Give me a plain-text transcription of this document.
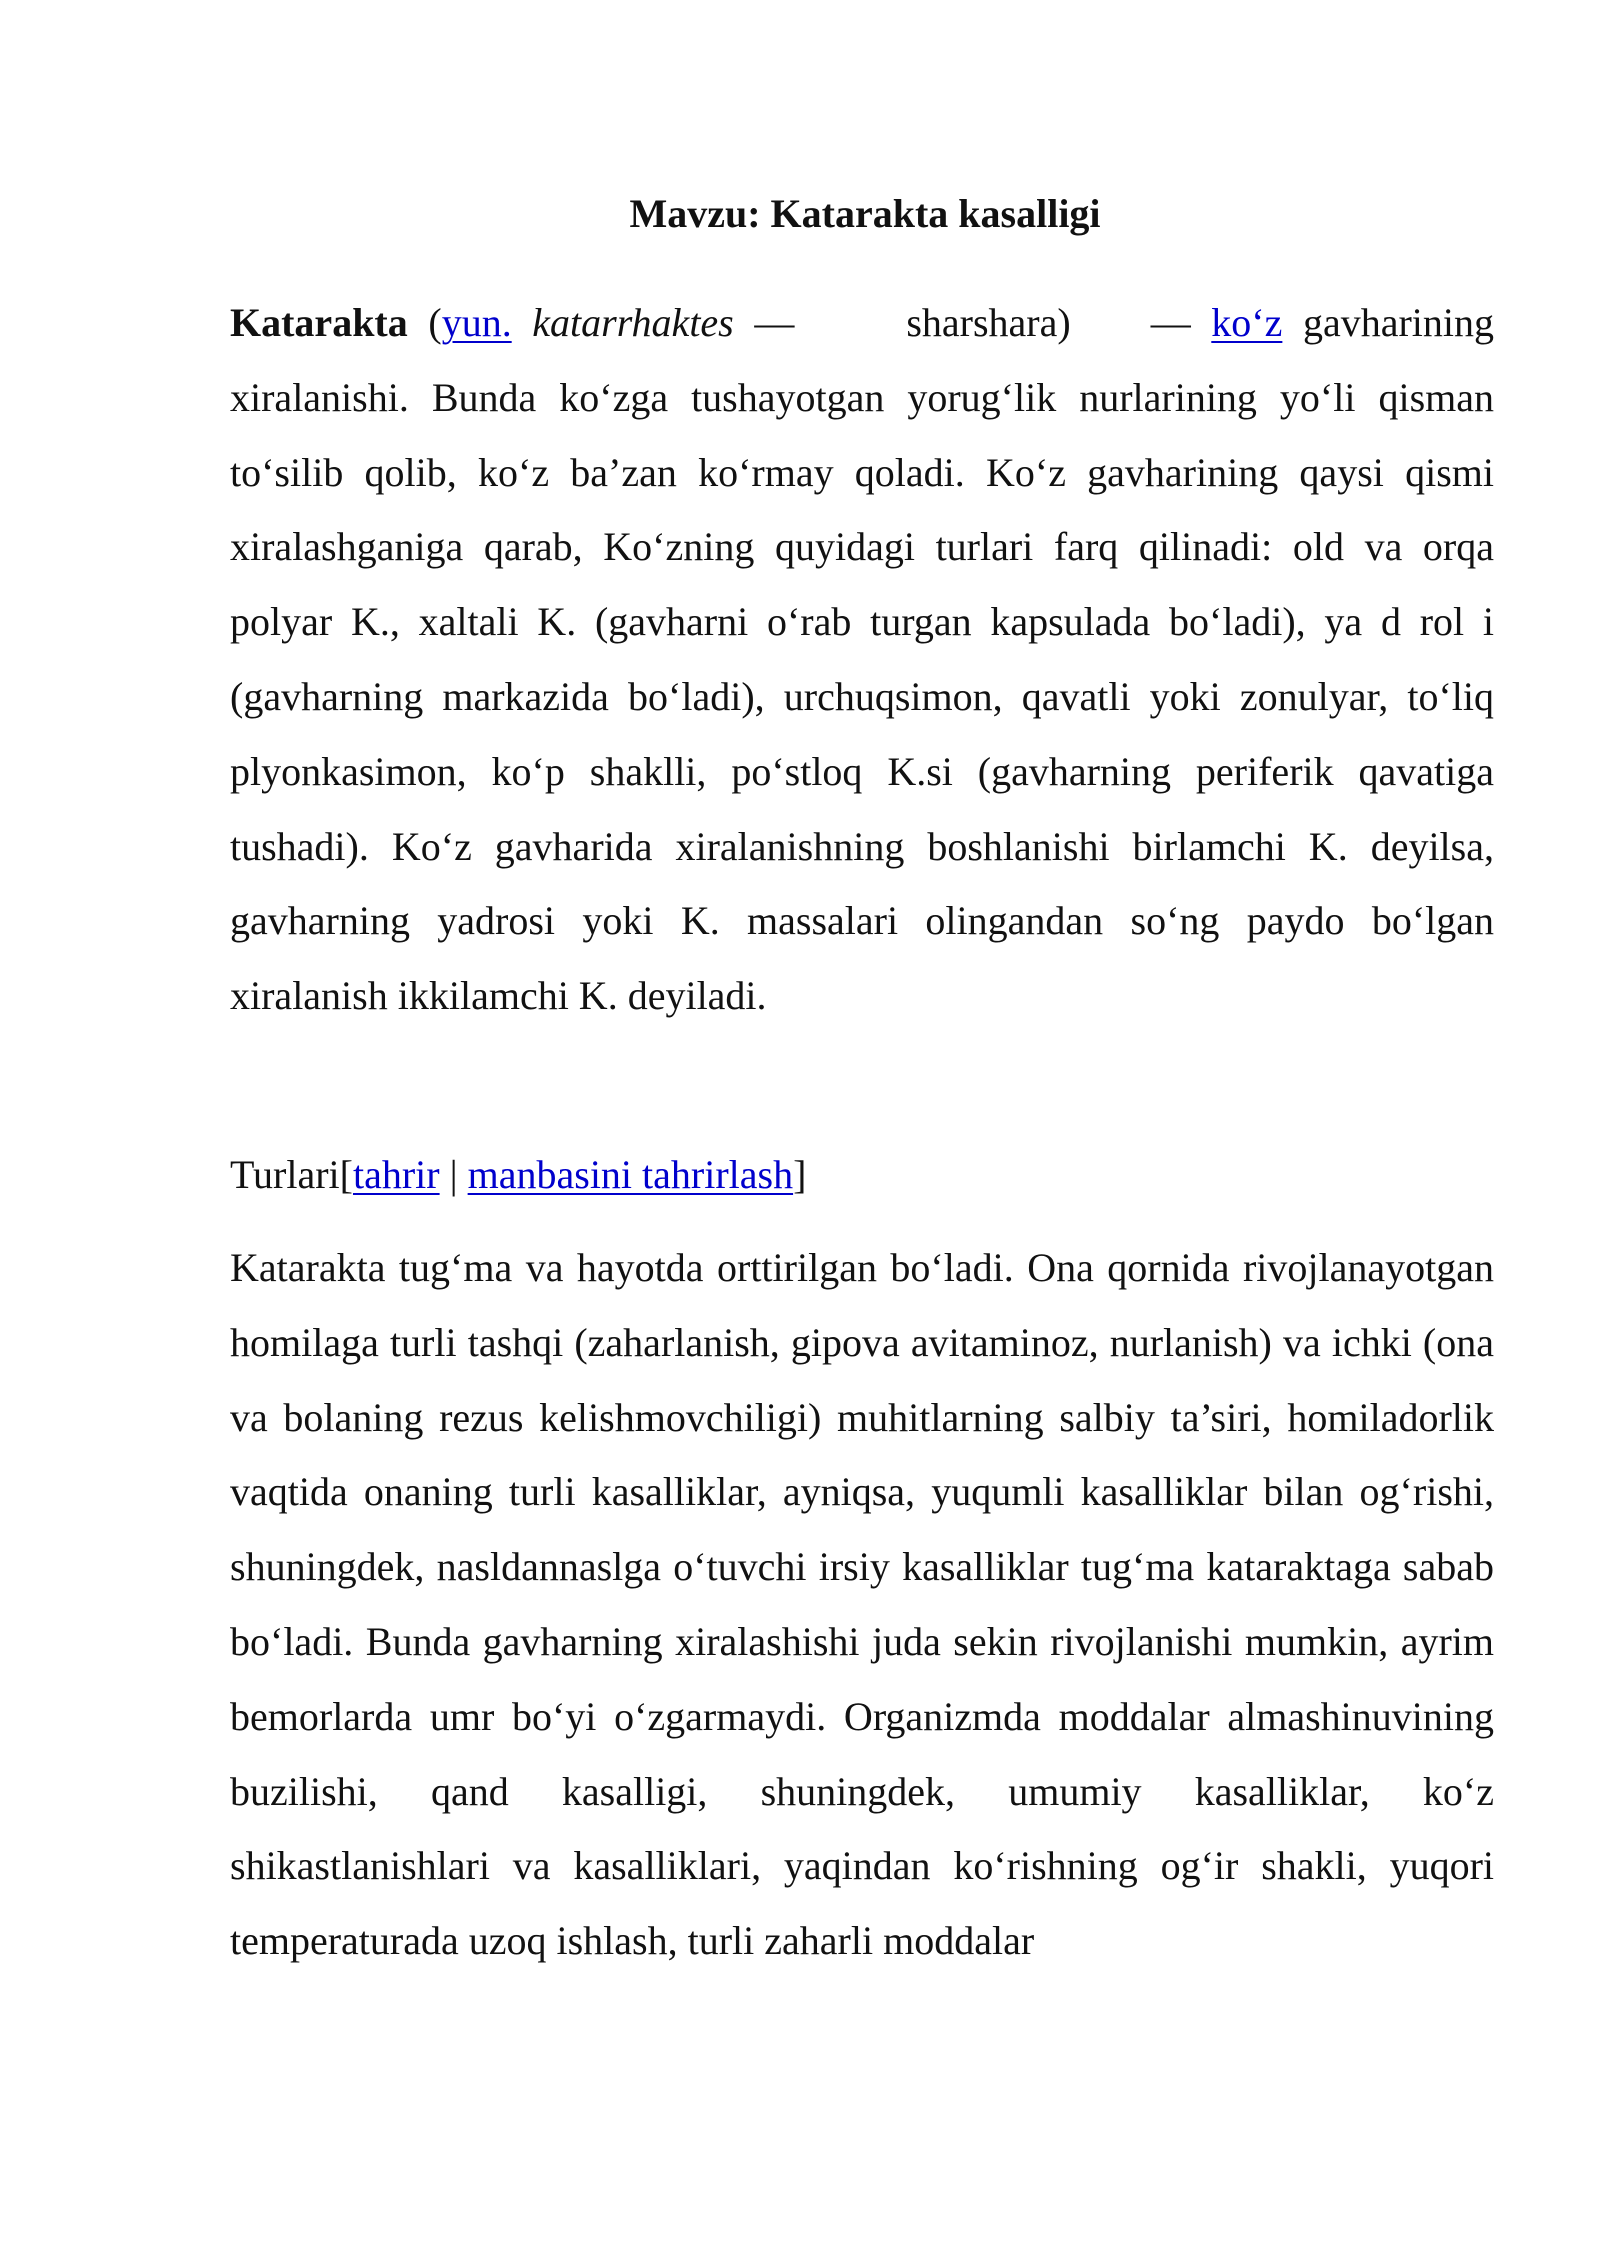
Mavzu: Katarakta kasalligi

Katarakta (yun. katarrhaktes —	sharshara) — ko‘z gavharining xiralanishi. Bunda ko‘zga tushayotgan yorug‘lik nurlarining yo‘li qisman to‘silib qolib, ko‘z ba’zan ko‘rmay qoladi. Ko‘z gavharining qaysi qismi xiralashganiga qarab, Ko‘zning quyidagi turlari farq qilinadi: old va orqa polyar K., xaltali K. (gavharni o‘rab turgan kapsulada bo‘ladi), ya d rol i (gavharning markazida bo‘ladi), urchuqsimon, qavatli yoki zonulyar, to‘liq plyonkasimon, ko‘p shaklli, po‘stloq K.si (gavharning periferik qavatiga tushadi). Ko‘z gavharida xiralanishning boshlanishi birlamchi K. deyilsa, gavharning yadrosi yoki K. massalari olingandan so‘ng paydo bo‘lgan xiralanish ikkilamchi K. deyiladi.

Turlari[tahrir | manbasini tahrirlash]

Katarakta tug‘ma va hayotda orttirilgan bo‘ladi. Ona qornida rivojlanayotgan homilaga turli tashqi (zaharlanish, gipova avitaminoz, nurlanish) va ichki (ona va bolaning rezus kelishmovchiligi) muhitlarning salbiy ta’siri, homiladorlik vaqtida onaning turli kasalliklar, ayniqsa, yuqumli kasalliklar bilan og‘rishi, shuningdek, nasldannaslga o‘tuvchi irsiy kasalliklar tug‘ma kataraktaga sabab bo‘ladi. Bunda gavharning xiralashishi juda sekin rivojlanishi mumkin, ayrim bemorlarda umr bo‘yi o‘zgarmaydi. Organizmda moddalar almashinuvining buzilishi, qand kasalligi, shuningdek, umumiy kasalliklar, ko‘z shikastlanishlari va kasalliklari, yaqindan ko‘rishning og‘ir shakli, yuqori temperaturada uzoq ishlash, turli zaharli moddalar
